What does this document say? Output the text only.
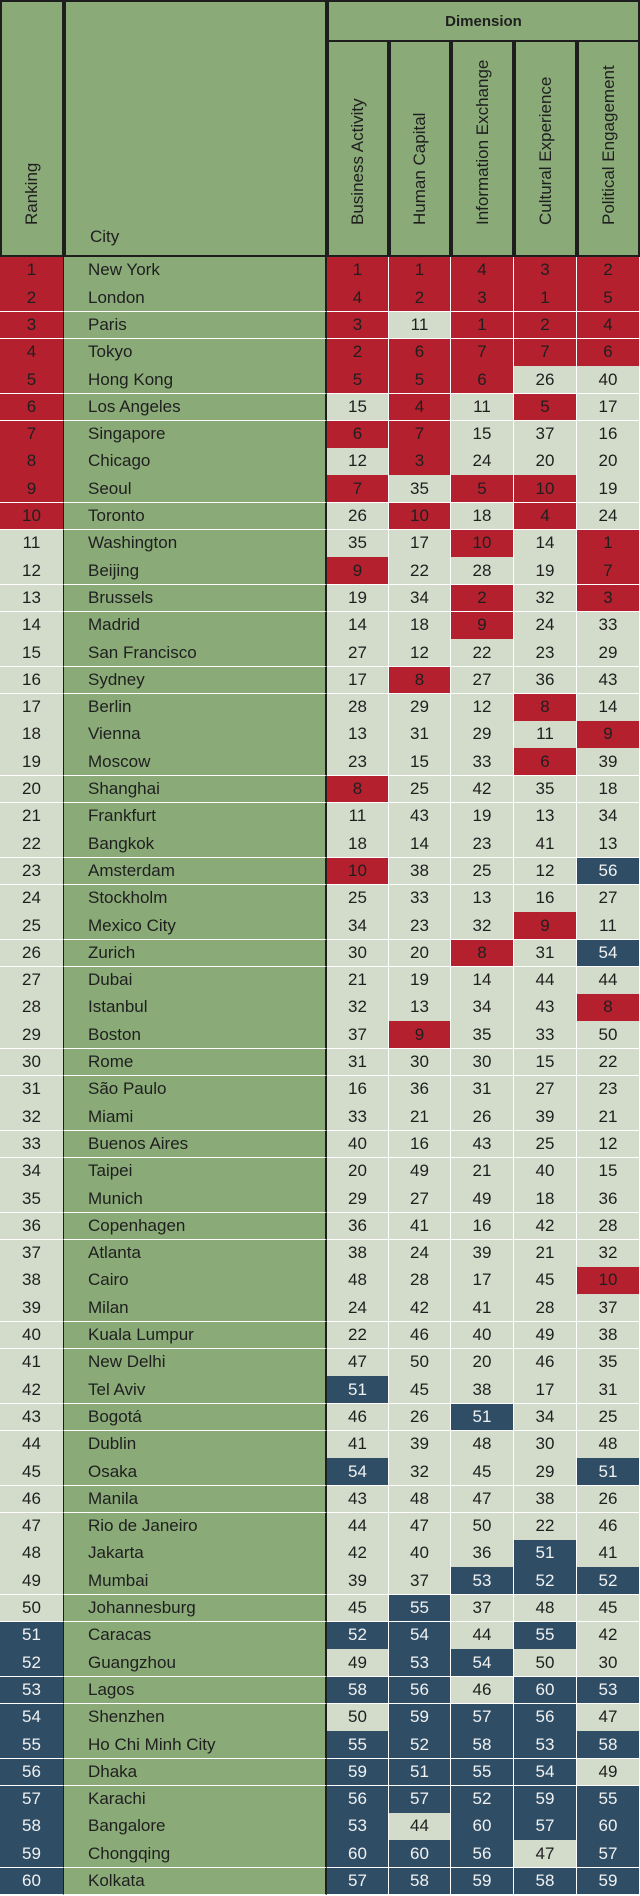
Ranking
City
Dimension
Business Activity	Human Capital	Information Exchange	Cultural Experience	Political Engagement
1	New York	1	1	4	3	2
2	London	4	2	3	1	5
3	Paris	3	11	1	2	4
4	Tokyo	2	6	7	7	6
5	Hong Kong	5	5	6	26	40
6	Los Angeles	15	4	11	5	17
7	Singapore	6	7	15	37	16
8	Chicago	12	3	24	20	20
9	Seoul	7	35	5	10	19
10	Toronto	26	10	18	4	24
11	Washington	35	17	10	14	1
12	Beijing	9	22	28	19	7
13	Brussels	19	34	2	32	3
14	Madrid	14	18	9	24	33
15	San Francisco	27	12	22	23	29
16	Sydney	17	8	27	36	43
17	Berlin	28	29	12	8	14
18	Vienna	13	31	29	11	9
19	Moscow	23	15	33	6	39
20	Shanghai	8	25	42	35	18
21	Frankfurt	11	43	19	13	34
22	Bangkok	18	14	23	41	13
23	Amsterdam	10	38	25	12	56
24	Stockholm	25	33	13	16	27
25	Mexico City	34	23	32	9	11
26	Zurich	30	20	8	31	54
27	Dubai	21	19	14	44	44
28	Istanbul	32	13	34	43	8
29	Boston	37	9	35	33	50
30	Rome	31	30	30	15	22
31	São Paulo	16	36	31	27	23
32	Miami	33	21	26	39	21
33	Buenos Aires	40	16	43	25	12
34	Taipei	20	49	21	40	15
35	Munich	29	27	49	18	36
36	Copenhagen	36	41	16	42	28
37	Atlanta	38	24	39	21	32
38	Cairo	48	28	17	45	10
39	Milan	24	42	41	28	37
40	Kuala Lumpur	22	46	40	49	38
41	New Delhi	47	50	20	46	35
42	Tel Aviv	51	45	38	17	31
43	Bogotá	46	26	51	34	25
44	Dublin	41	39	48	30	48
45	Osaka	54	32	45	29	51
46	Manila	43	48	47	38	26
47	Rio de Janeiro	44	47	50	22	46
48	Jakarta	42	40	36	51	41
49	Mumbai	39	37	53	52	52
50	Johannesburg	45	55	37	48	45
51	Caracas	52	54	44	55	42
52	Guangzhou	49	53	54	50	30
53	Lagos	58	56	46	60	53
54	Shenzhen	50	59	57	56	47
55	Ho Chi Minh City	55	52	58	53	58
56	Dhaka	59	51	55	54	49
57	Karachi	56	57	52	59	55
58	Bangalore	53	44	60	57	60
59	Chongqing	60	60	56	47	57
60	Kolkata	57	58	59	58	59
